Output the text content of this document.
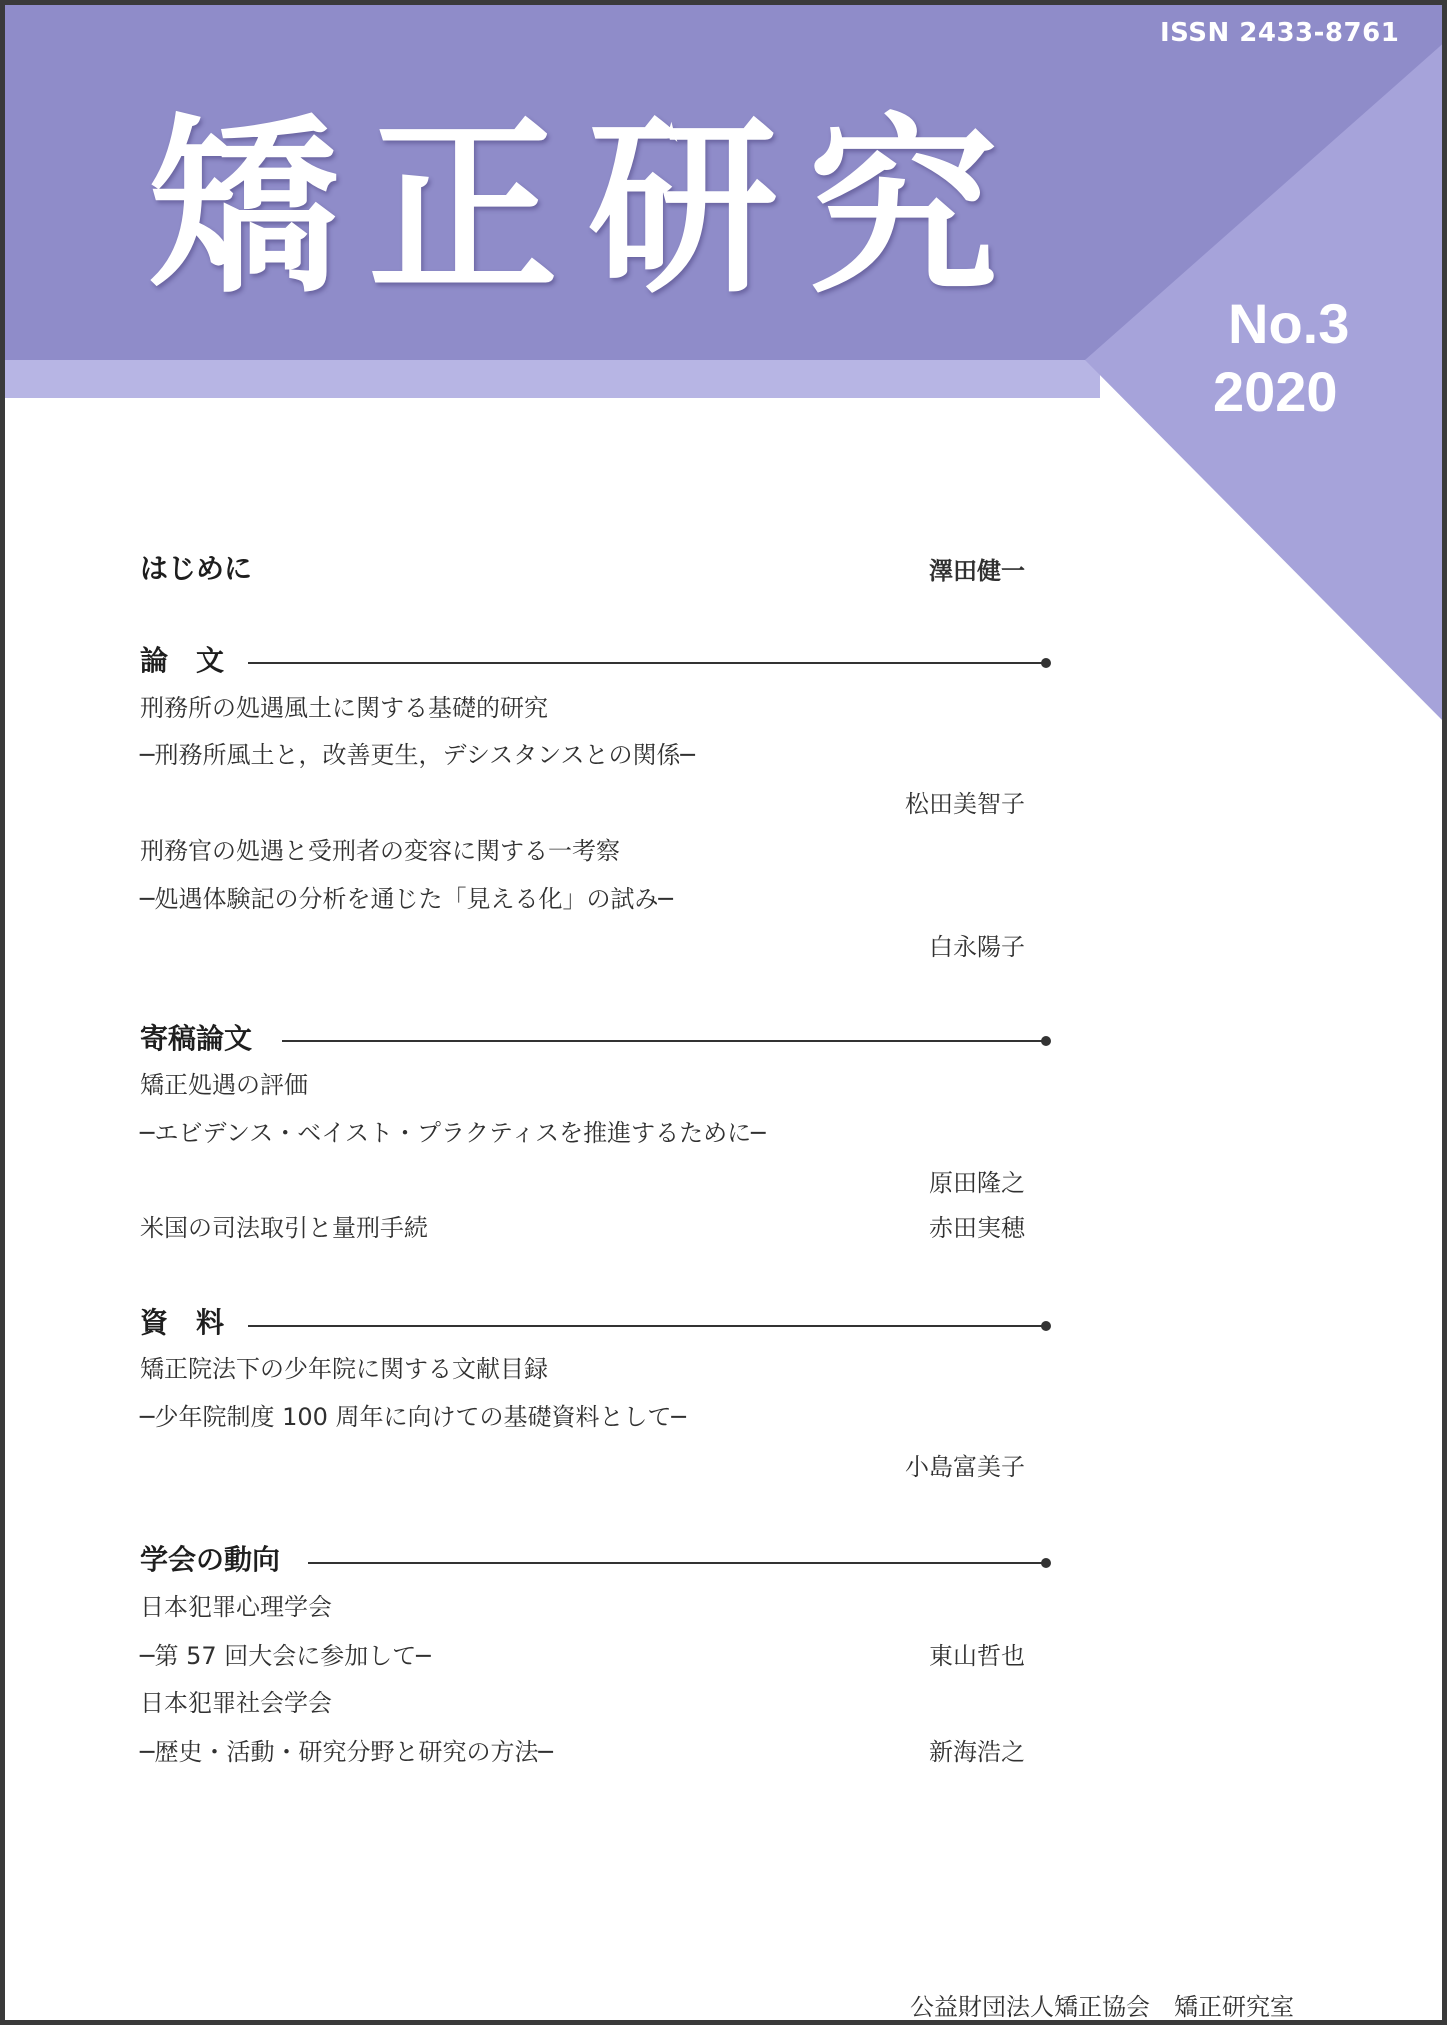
ISSN 2433-8761
矯正研究
No.3
2020
はじめに	澤田健一
論　文
刑務所の処遇風土に関する基礎的研究
─刑務所風土と，改善更生，デシスタンスとの関係─
松田美智子
刑務官の処遇と受刑者の変容に関する一考察
─処遇体験記の分析を通じた「見える化」の試み─
白永陽子
寄稿論文
矯正処遇の評価
─エビデンス・ベイスト・プラクティスを推進するために─
原田隆之
米国の司法取引と量刑手続	赤田実穂
資　料
矯正院法下の少年院に関する文献目録
─少年院制度 100 周年に向けての基礎資料として─
小島富美子
学会の動向
日本犯罪心理学会
─第 57 回大会に参加して─	東山哲也
日本犯罪社会学会
─歴史・活動・研究分野と研究の方法─	新海浩之
公益財団法人矯正協会　矯正研究室
